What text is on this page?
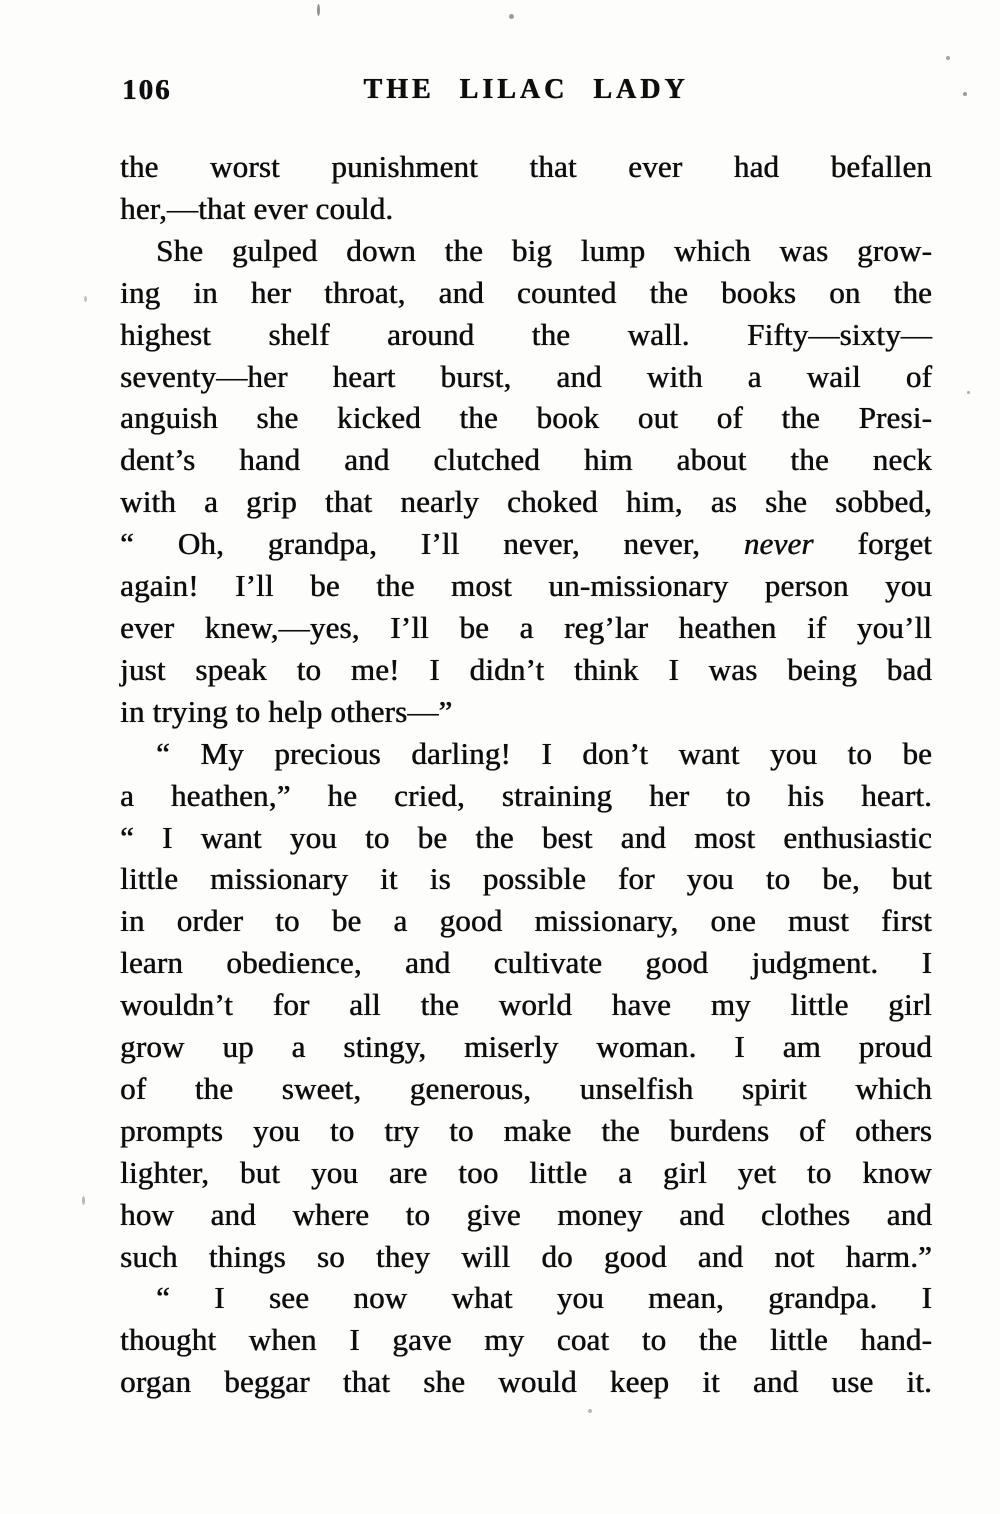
106	THE LILAC LADY
the worst punishment that ever had befallen
her,—that ever could.
She gulped down the big lump which was grow-
ing in her throat, and counted the books on the
highest shelf around the wall. Fifty—sixty—
seventy—her heart burst, and with a wail of
anguish she kicked the book out of the Presi-
dent’s hand and clutched him about the neck
with a grip that nearly choked him, as she sobbed,
“ Oh, grandpa, I’ll never, never, never forget
again! I’ll be the most un-missionary person you
ever knew,—yes, I’ll be a reg’lar heathen if you’ll
just speak to me! I didn’t think I was being bad
in trying to help others—”
“ My precious darling! I don’t want you to be
a heathen,” he cried, straining her to his heart.
“ I want you to be the best and most enthusiastic
little missionary it is possible for you to be, but
in order to be a good missionary, one must first
learn obedience, and cultivate good judgment. I
wouldn’t for all the world have my little girl
grow up a stingy, miserly woman. I am proud
of the sweet, generous, unselfish spirit which
prompts you to try to make the burdens of others
lighter, but you are too little a girl yet to know
how and where to give money and clothes and
such things so they will do good and not harm.”
“ I see now what you mean, grandpa. I
thought when I gave my coat to the little hand-
organ beggar that she would keep it and use it.
